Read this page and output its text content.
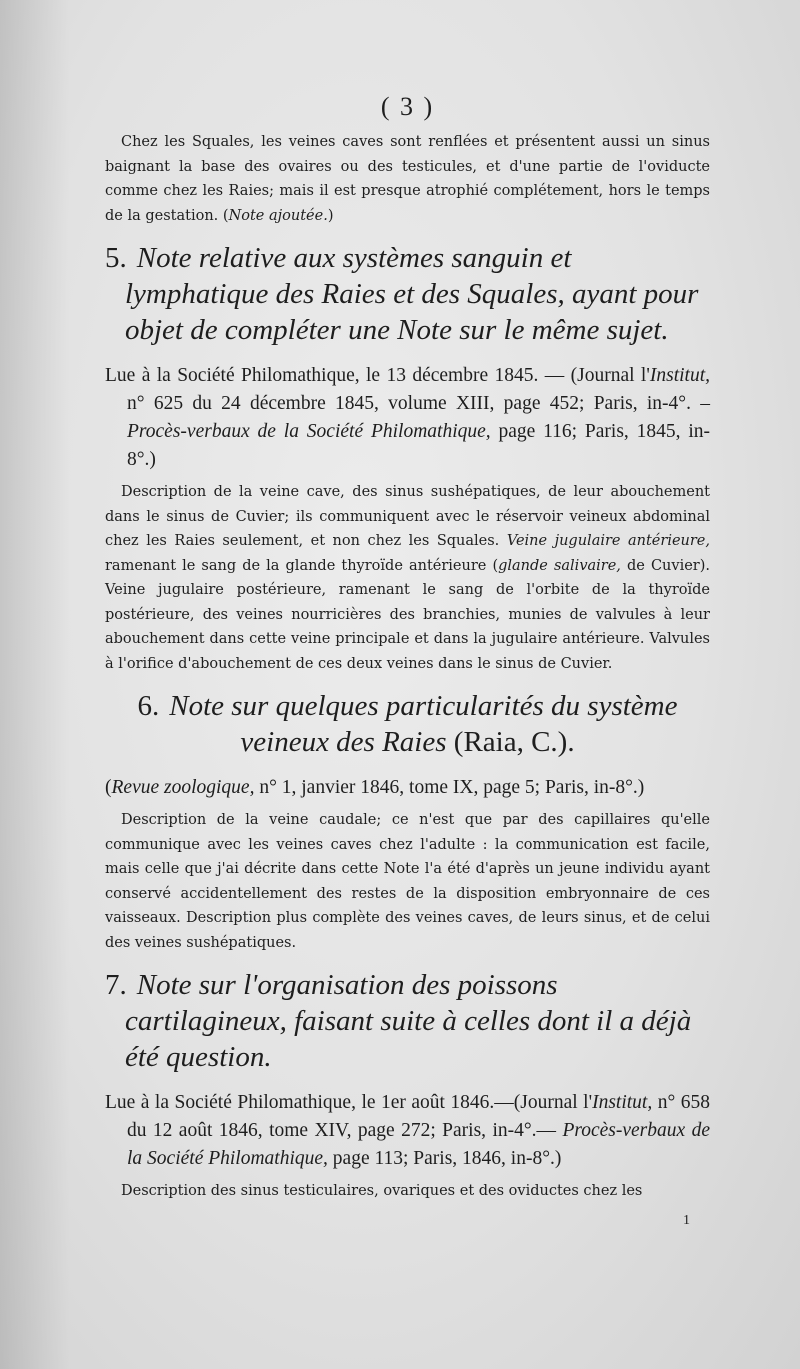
( 3 )

Chez les Squales, les veines caves sont renflées et présentent aussi un sinus baignant la base des ovaires ou des testicules, et d'une partie de l'oviducte comme chez les Raies; mais il est presque atrophié complétement, hors le temps de la gestation. (Note ajoutée.)

5. Note relative aux systèmes sanguin et lymphatique des Raies et des Squales, ayant pour objet de compléter une Note sur le même sujet.

Lue à la Société Philomathique, le 13 décembre 1845. — (Journal l'Institut, n° 625 du 24 décembre 1845, volume XIII, page 452; Paris, in-4°. – Procès-verbaux de la Société Philomathique, page 116; Paris, 1845, in-8°.)

Description de la veine cave, des sinus sushépatiques, de leur abouchement dans le sinus de Cuvier; ils communiquent avec le réservoir veineux abdominal chez les Raies seulement, et non chez les Squales. Veine jugulaire antérieure, ramenant le sang de la glande thyroïde antérieure (glande salivaire, de Cuvier). Veine jugulaire postérieure, ramenant le sang de l'orbite de la thyroïde postérieure, des veines nourricières des branchies, munies de valvules à leur abouchement dans cette veine principale et dans la jugulaire antérieure. Valvules à l'orifice d'abouchement de ces deux veines dans le sinus de Cuvier.

6. Note sur quelques particularités du système veineux des Raies (Raia, C.).

(Revue zoologique, n° 1, janvier 1846, tome IX, page 5; Paris, in-8°.)

Description de la veine caudale; ce n'est que par des capillaires qu'elle communique avec les veines caves chez l'adulte : la communication est facile, mais celle que j'ai décrite dans cette Note l'a été d'après un jeune individu ayant conservé accidentellement des restes de la disposition embryonnaire de ces vaisseaux. Description plus complète des veines caves, de leurs sinus, et de celui des veines sushépatiques.

7. Note sur l'organisation des poissons cartilagineux, faisant suite à celles dont il a déjà été question.

Lue à la Société Philomathique, le 1er août 1846.—(Journal l'Institut, n° 658 du 12 août 1846, tome XIV, page 272; Paris, in-4°.— Procès-verbaux de la Société Philomathique, page 113; Paris, 1846, in-8°.)

Description des sinus testiculaires, ovariques et des oviductes chez les

1
